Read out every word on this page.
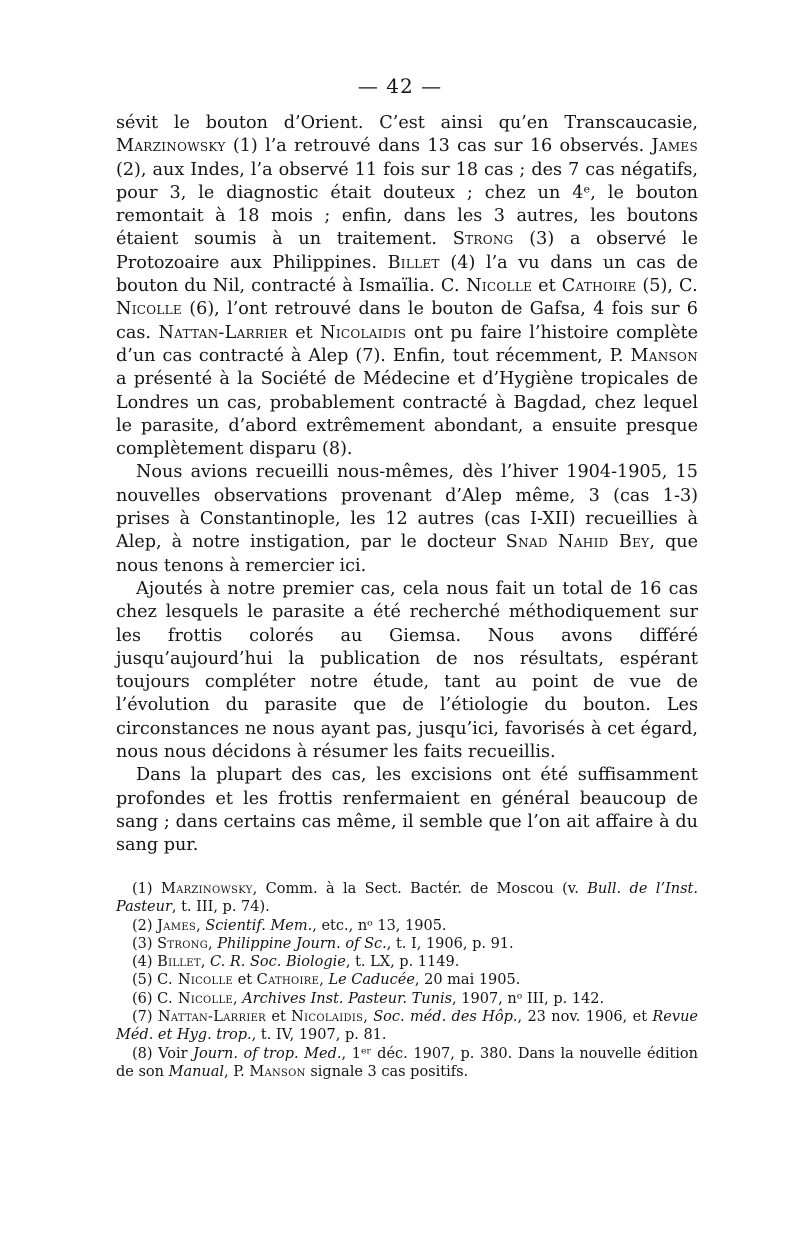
— 42 —

sévit le bouton d’Orient. C’est ainsi qu’en Transcaucasie, Marzinowsky (1) l’a retrouvé dans 13 cas sur 16 observés. James (2), aux Indes, l’a observé 11 fois sur 18 cas ; des 7 cas négatifs, pour 3, le diagnostic était douteux ; chez un 4ᵉ, le bouton remontait à 18 mois ; enfin, dans les 3 autres, les boutons étaient soumis à un traitement. Strong (3) a observé le Protozoaire aux Philippines. Billet (4) l’a vu dans un cas de bouton du Nil, contracté à Ismaïlia. C. Nicolle et Cathoire (5), C. Nicolle (6), l’ont retrouvé dans le bouton de Gafsa, 4 fois sur 6 cas. Nattan-Larrier et Nicolaidis ont pu faire l’histoire complète d’un cas contracté à Alep (7). Enfin, tout récemment, P. Manson a présenté à la Société de Médecine et d’Hygiène tropicales de Londres un cas, probablement contracté à Bagdad, chez lequel le parasite, d’abord extrêmement abondant, a ensuite presque complètement disparu (8).

Nous avions recueilli nous-mêmes, dès l’hiver 1904-1905, 15 nouvelles observations provenant d’Alep même, 3 (cas 1-3) prises à Constantinople, les 12 autres (cas I-XII) recueillies à Alep, à notre instigation, par le docteur Snad Nahid Bey, que nous tenons à remercier ici.

Ajoutés à notre premier cas, cela nous fait un total de 16 cas chez lesquels le parasite a été recherché méthodiquement sur les frottis colorés au Giemsa. Nous avons différé jusqu’aujourd’hui la publication de nos résultats, espérant toujours compléter notre étude, tant au point de vue de l’évolution du parasite que de l’étiologie du bouton. Les circonstances ne nous ayant pas, jusqu’ici, favorisés à cet égard, nous nous décidons à résumer les faits recueillis.

Dans la plupart des cas, les excisions ont été suffisamment profondes et les frottis renfermaient en général beaucoup de sang ; dans certains cas même, il semble que l’on ait affaire à du sang pur.

(1) Marzinowsky, Comm. à la Sect. Bactér. de Moscou (v. Bull. de l’Inst. Pasteur, t. III, p. 74).

(2) James, Scientif. Mem., etc., nᵒ 13, 1905.

(3) Strong, Philippine Journ. of Sc., t. I, 1906, p. 91.

(4) Billet, C. R. Soc. Biologie, t. LX, p. 1149.

(5) C. Nicolle et Cathoire, Le Caducée, 20 mai 1905.

(6) C. Nicolle, Archives Inst. Pasteur. Tunis, 1907, nᵒ III, p. 142.

(7) Nattan-Larrier et Nicolaidis, Soc. méd. des Hôp., 23 nov. 1906, et Revue Méd. et Hyg. trop., t. IV, 1907, p. 81.

(8) Voir Journ. of trop. Med., 1ᵉʳ déc. 1907, p. 380. Dans la nouvelle édition de son Manual, P. Manson signale 3 cas positifs.
